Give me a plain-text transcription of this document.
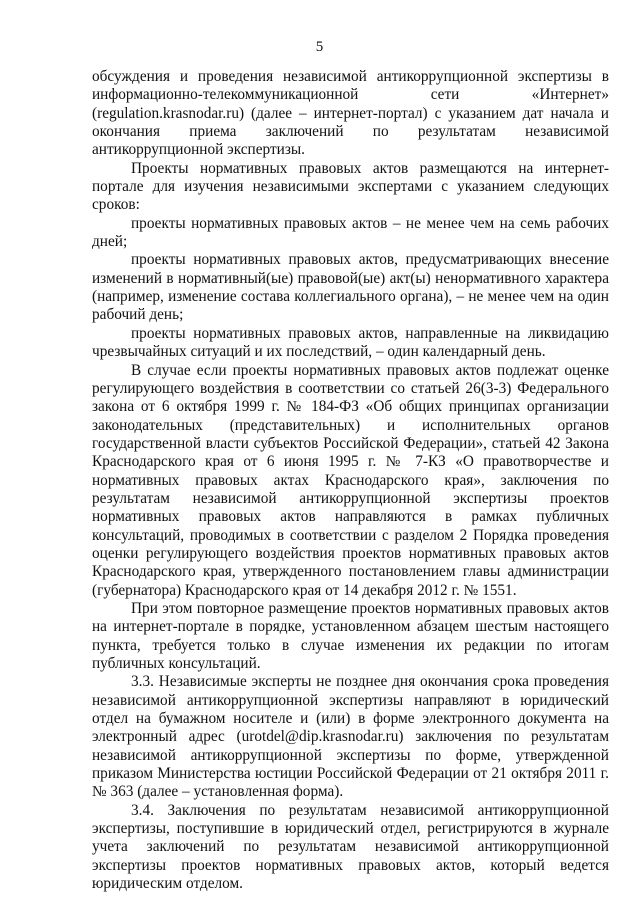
5

обсуждения и проведения независимой антикоррупционной экспертизы в информационно-телекоммуникационной сети «Интернет» (regulation.krasnodar.ru) (далее – интернет-портал) с указанием дат начала и окончания приема заключений по результатам независимой антикоррупционной экспертизы.

Проекты нормативных правовых актов размещаются на интернет-портале для изучения независимыми экспертами с указанием следующих сроков:

проекты нормативных правовых актов – не менее чем на семь рабочих дней;

проекты нормативных правовых актов, предусматривающих внесение изменений в нормативный(ые) правовой(ые) акт(ы) ненормативного характера (например, изменение состава коллегиального органа), – не менее чем на один рабочий день;

проекты нормативных правовых актов, направленные на ликвидацию чрезвычайных ситуаций и их последствий, – один календарный день.

В случае если проекты нормативных правовых актов подлежат оценке регулирующего воздействия в соответствии со статьей 26(3-3) Федерального закона от 6 октября 1999 г. № 184-ФЗ «Об общих принципах организации законодательных (представительных) и исполнительных органов государственной власти субъектов Российской Федерации», статьей 42 Закона Краснодарского края от 6 июня 1995 г. № 7-КЗ «О правотворчестве и нормативных правовых актах Краснодарского края», заключения по результатам независимой антикоррупционной экспертизы проектов нормативных правовых актов направляются в рамках публичных консультаций, проводимых в соответствии с разделом 2 Порядка проведения оценки регулирующего воздействия проектов нормативных правовых актов Краснодарского края, утвержденного постановлением главы администрации (губернатора) Краснодарского края от 14 декабря 2012 г. № 1551.

При этом повторное размещение проектов нормативных правовых актов на интернет-портале в порядке, установленном абзацем шестым настоящего пункта, требуется только в случае изменения их редакции по итогам публичных консультаций.

3.3. Независимые эксперты не позднее дня окончания срока проведения независимой антикоррупционной экспертизы направляют в юридический отдел на бумажном носителе и (или) в форме электронного документа на электронный адрес (urotdel@dip.krasnodar.ru) заключения по результатам независимой антикоррупционной экспертизы по форме, утвержденной приказом Министерства юстиции Российской Федерации от 21 октября 2011 г. № 363 (далее – установленная форма).

3.4. Заключения по результатам независимой антикоррупционной экспертизы, поступившие в юридический отдел, регистрируются в журнале учета заключений по результатам независимой антикоррупционной экспертизы проектов нормативных правовых актов, который ведется юридическим отделом.
